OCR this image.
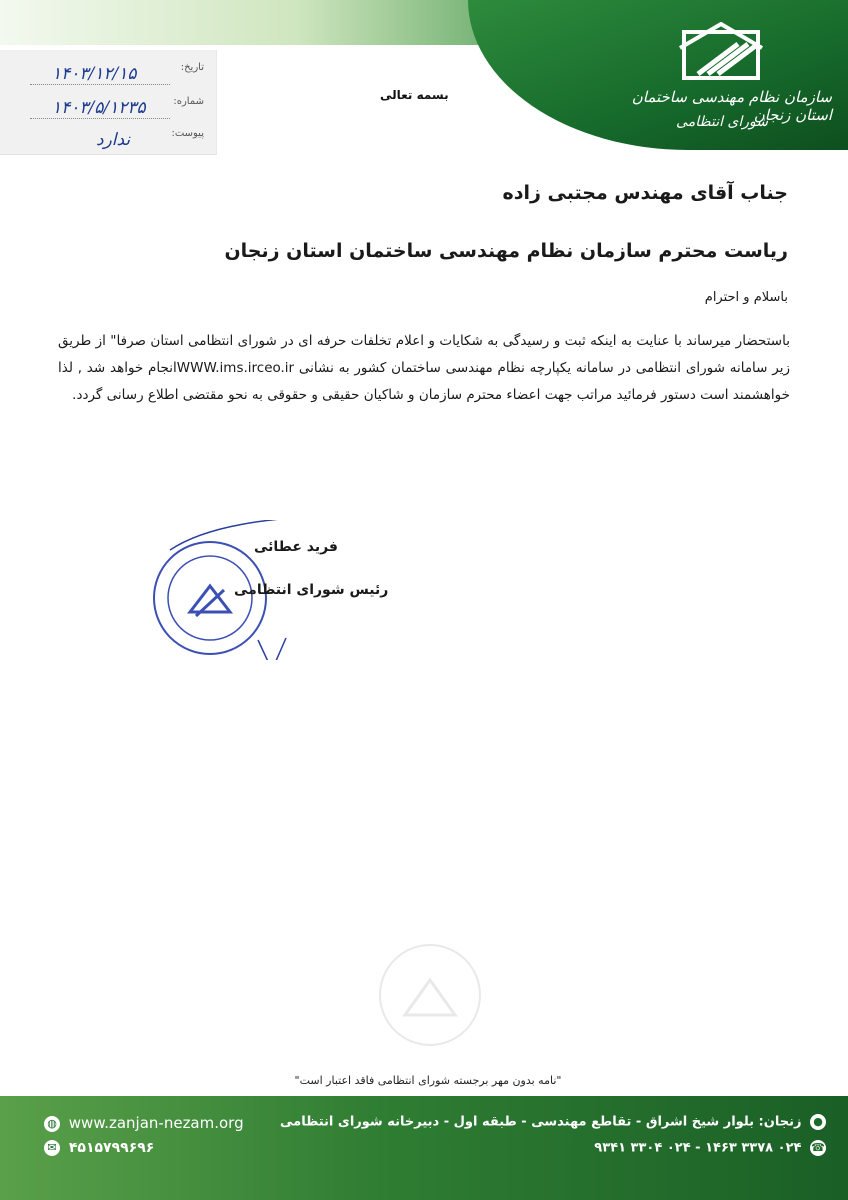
سازمان نظام مهندسی ساختمان استان زنجان
شورای انتظامی
بسمه تعالی
تاریخ:
۱۴۰۳/۱۲/۱۵
شماره:
۱۴۰۳/۵/۱۲۳۵
پیوست:
ندارد
جناب آقای مهندس مجتبی زاده
ریاست محترم سازمان نظام مهندسی ساختمان استان زنجان
باسلام و احترام
باستحضار میرساند با عنایت به اینکه ثبت و رسیدگی به شکایات و اعلام تخلفات حرفه ای در شورای انتظامی استان صرفا" از طریق زیر سامانه شورای انتظامی در سامانه یکپارچه نظام مهندسی ساختمان کشور به نشانی WWW.ims.irceo.irانجام خواهد شد , لذا خواهشمند است دستور فرمائید مراتب جهت اعضاء محترم سازمان و شاکیان حقیقی و حقوقی به نحو مقتضی اطلاع رسانی گردد.
فرید عطائی
رئیس شورای انتظامی
"نامه بدون مهر برجسته شورای انتظامی فاقد اعتبار است"
◍ www.zanjan-nezam.org
✉ ۴۵۱۵۷۹۹۶۹۶
● زنجان: بلوار شیخ اشراق - تقاطع مهندسی - طبقه اول - دبیرخانه شورای انتظامی
☎ ۰۲۴ ۳۳۷۸ ۱۴۶۳ - ۰۲۴ ۳۳۰۴ ۹۳۴۱
